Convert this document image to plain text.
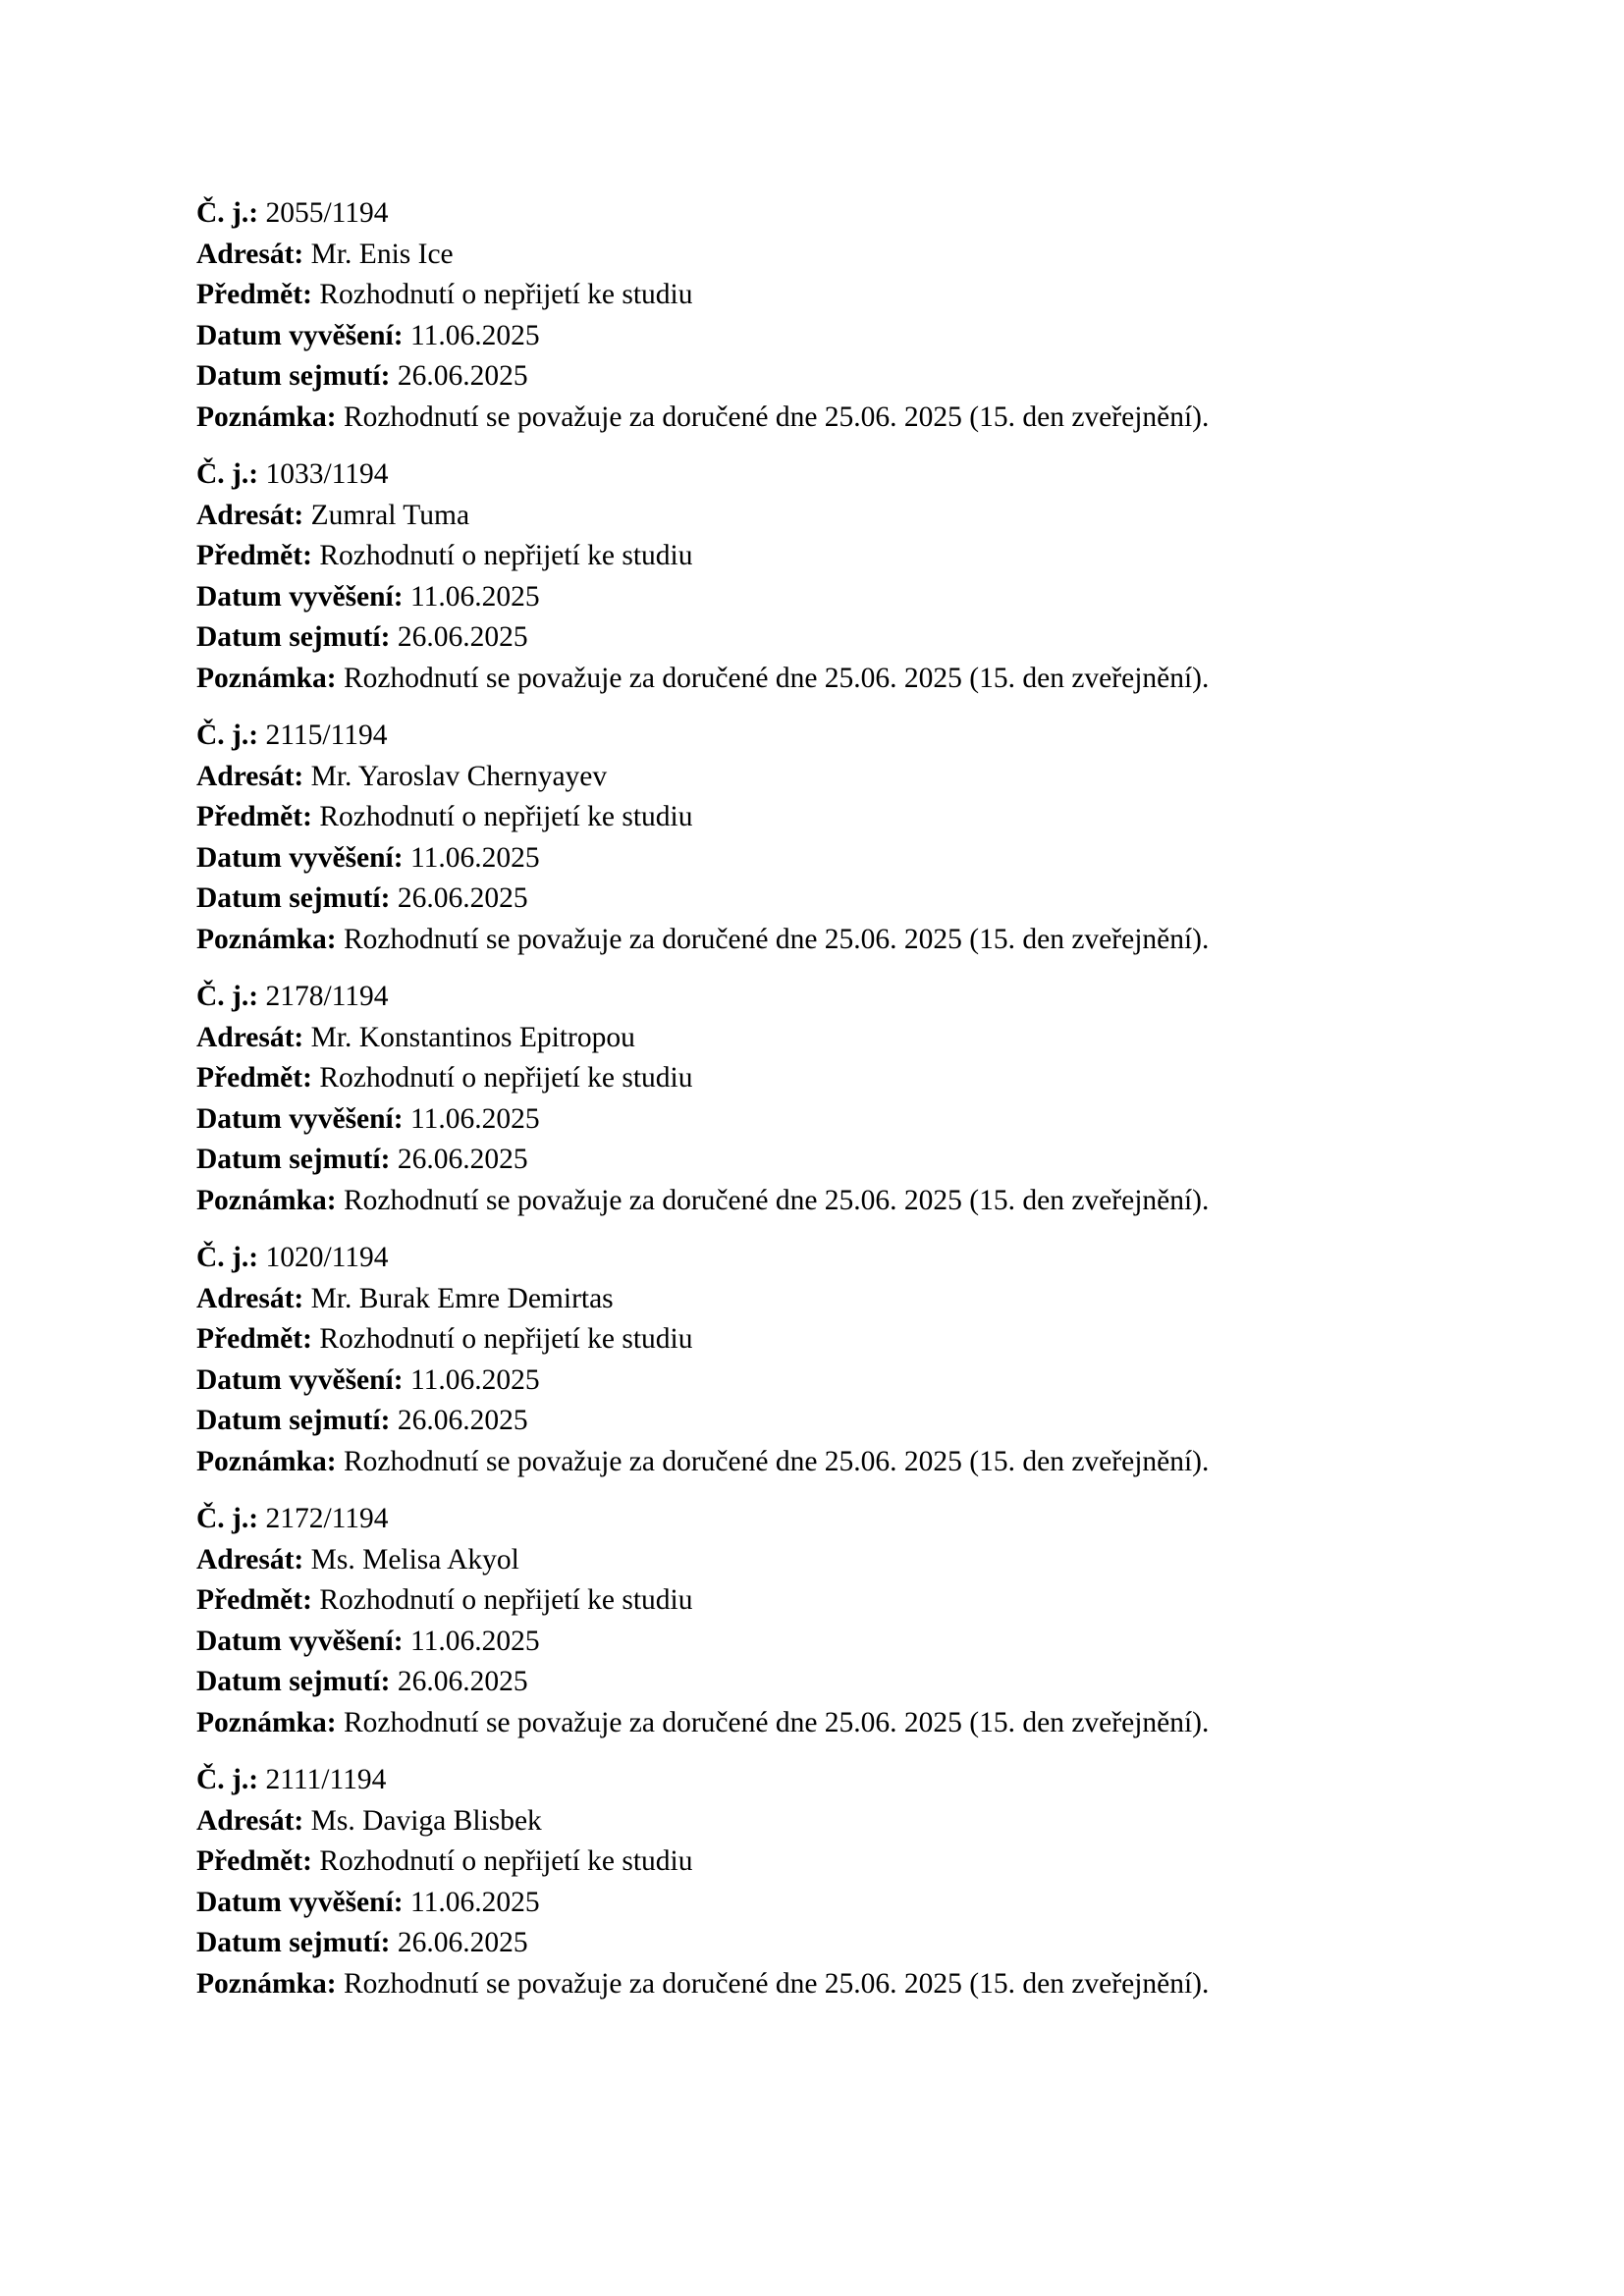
Č. j.: 2055/1194
Adresát: Mr. Enis Ice
Předmět: Rozhodnutí o nepřijetí ke studiu
Datum vyvěšení: 11.06.2025
Datum sejmutí: 26.06.2025
Poznámka: Rozhodnutí se považuje za doručené dne 25.06. 2025 (15. den zveřejnění).
Č. j.: 1033/1194
Adresát: Zumral Tuma
Předmět: Rozhodnutí o nepřijetí ke studiu
Datum vyvěšení: 11.06.2025
Datum sejmutí: 26.06.2025
Poznámka: Rozhodnutí se považuje za doručené dne 25.06. 2025 (15. den zveřejnění).
Č. j.: 2115/1194
Adresát: Mr. Yaroslav Chernyayev
Předmět: Rozhodnutí o nepřijetí ke studiu
Datum vyvěšení: 11.06.2025
Datum sejmutí: 26.06.2025
Poznámka: Rozhodnutí se považuje za doručené dne 25.06. 2025 (15. den zveřejnění).
Č. j.: 2178/1194
Adresát: Mr. Konstantinos Epitropou
Předmět: Rozhodnutí o nepřijetí ke studiu
Datum vyvěšení: 11.06.2025
Datum sejmutí: 26.06.2025
Poznámka: Rozhodnutí se považuje za doručené dne 25.06. 2025 (15. den zveřejnění).
Č. j.: 1020/1194
Adresát: Mr. Burak Emre Demirtas
Předmět: Rozhodnutí o nepřijetí ke studiu
Datum vyvěšení: 11.06.2025
Datum sejmutí: 26.06.2025
Poznámka: Rozhodnutí se považuje za doručené dne 25.06. 2025 (15. den zveřejnění).
Č. j.: 2172/1194
Adresát: Ms. Melisa Akyol
Předmět: Rozhodnutí o nepřijetí ke studiu
Datum vyvěšení: 11.06.2025
Datum sejmutí: 26.06.2025
Poznámka: Rozhodnutí se považuje za doručené dne 25.06. 2025 (15. den zveřejnění).
Č. j.: 2111/1194
Adresát: Ms. Daviga Blisbek
Předmět: Rozhodnutí o nepřijetí ke studiu
Datum vyvěšení: 11.06.2025
Datum sejmutí: 26.06.2025
Poznámka: Rozhodnutí se považuje za doručené dne 25.06. 2025 (15. den zveřejnění).
